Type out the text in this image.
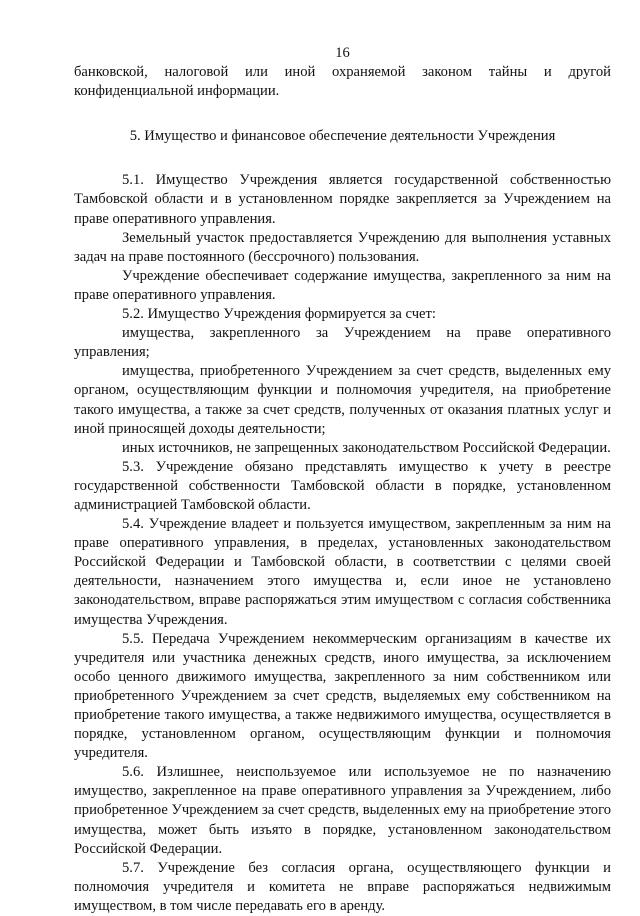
16

банковской, налоговой или иной охраняемой законом тайны и другой конфиденциальной информации.

5. Имущество и финансовое обеспечение деятельности Учреждения

5.1. Имущество Учреждения является государственной собственностью Тамбовской области и в установленном порядке закрепляется за Учреждением на праве оперативного управления.

Земельный участок предоставляется Учреждению для выполнения уставных задач на праве постоянного (бессрочного) пользования.

Учреждение обеспечивает содержание имущества, закрепленного за ним на праве оперативного управления.

5.2. Имущество Учреждения формируется за счет:

имущества, закрепленного за Учреждением на праве оперативного управления;

имущества, приобретенного Учреждением за счет средств, выделенных ему органом, осуществляющим функции и полномочия учредителя, на приобретение такого имущества, а также за счет средств, полученных от оказания платных услуг и иной приносящей доходы деятельности;

иных источников, не запрещенных законодательством Российской Федерации.

5.3. Учреждение обязано представлять имущество к учету в реестре государственной собственности Тамбовской области в порядке, установленном администрацией Тамбовской области.

5.4. Учреждение владеет и пользуется имуществом, закрепленным за ним на праве оперативного управления, в пределах, установленных законодательством Российской Федерации и Тамбовской области, в соответствии с целями своей деятельности, назначением этого имущества и, если иное не установлено законодательством, вправе распоряжаться этим имуществом с согласия собственника имущества Учреждения.

5.5. Передача Учреждением некоммерческим организациям в качестве их учредителя или участника денежных средств, иного имущества, за исключением особо ценного движимого имущества, закрепленного за ним собственником или приобретенного Учреждением за счет средств, выделяемых ему собственником на приобретение такого имущества, а также недвижимого имущества, осуществляется в порядке, установленном органом, осуществляющим функции и полномочия учредителя.

5.6. Излишнее, неиспользуемое или используемое не по назначению имущество, закрепленное на праве оперативного управления за Учреждением, либо приобретенное Учреждением за счет средств, выделенных ему на приобретение этого имущества, может быть изъято в порядке, установленном законодательством Российской Федерации.

5.7. Учреждение без согласия органа, осуществляющего функции и полномочия учредителя и комитета не вправе распоряжаться недвижимым имуществом, в том числе передавать его в аренду.
